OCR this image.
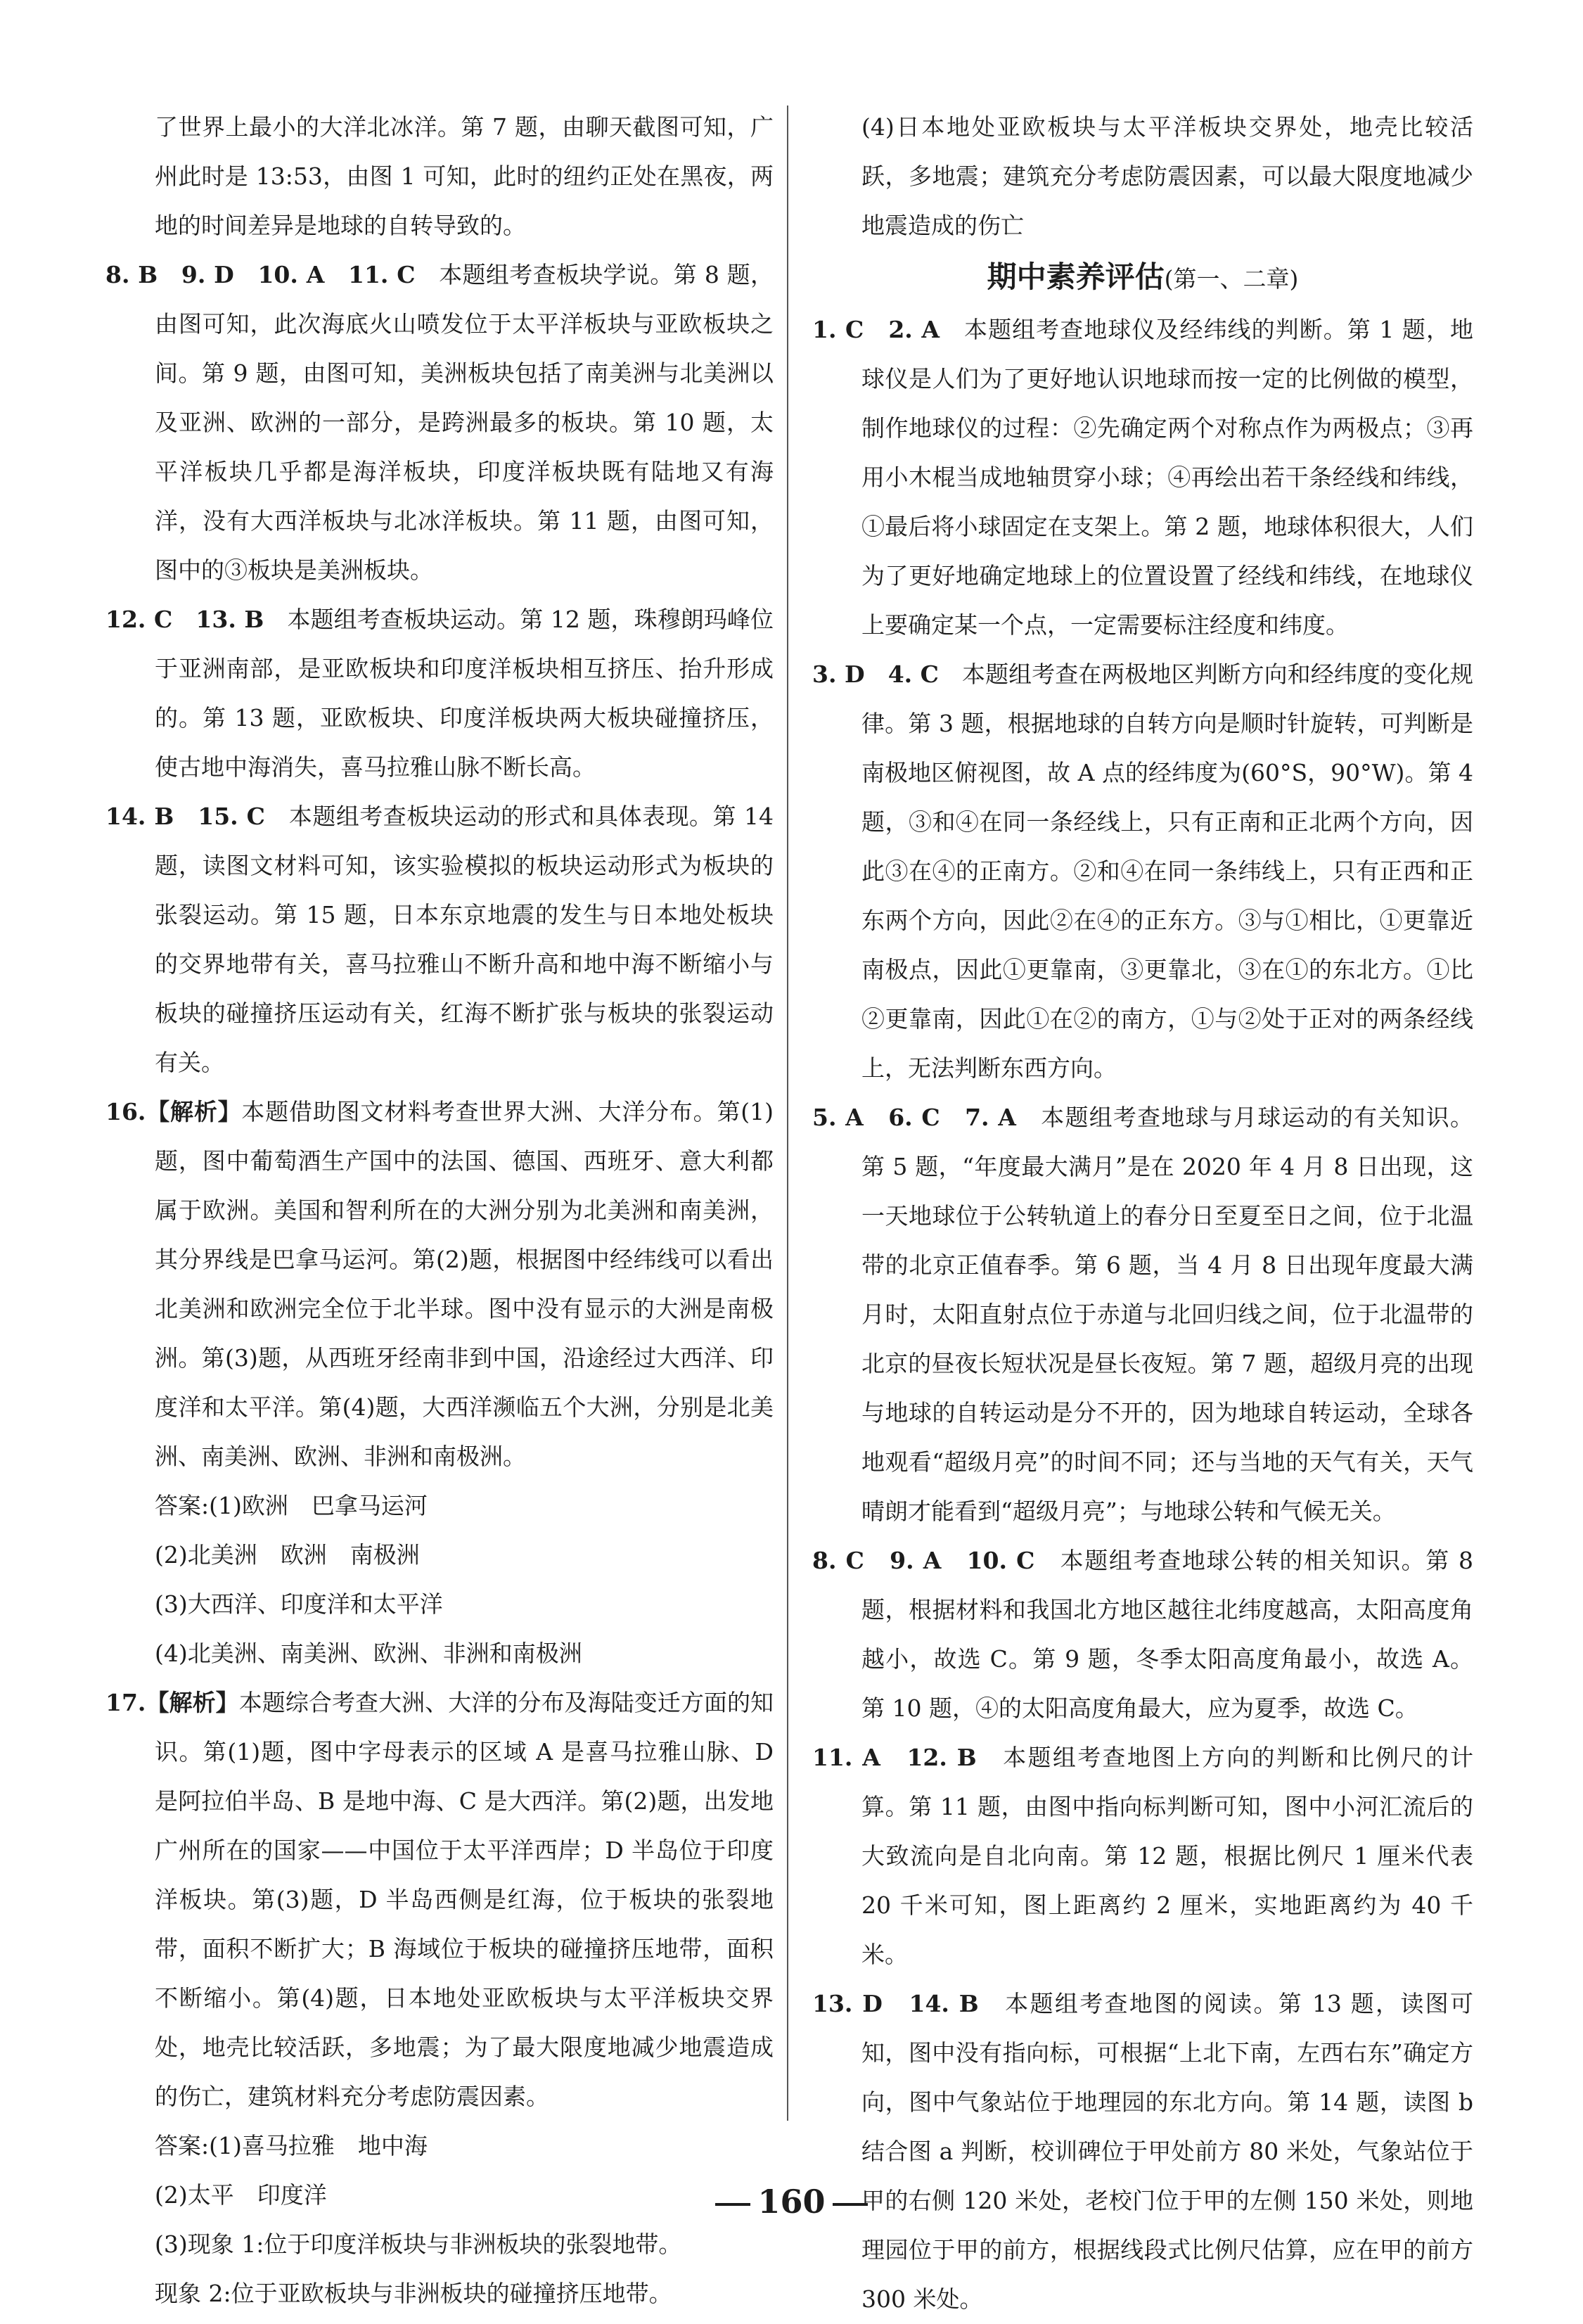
了世界上最小的大洋北冰洋。第 7 题，由聊天截图可知，广州此时是 13:53，由图 1 可知，此时的纽约正处在黑夜，两地的时间差异是地球的自转导致的。

8. B　9. D　10. A　11. C　本题组考查板块学说。第 8 题，由图可知，此次海底火山喷发位于太平洋板块与亚欧板块之间。第 9 题，由图可知，美洲板块包括了南美洲与北美洲以及亚洲、欧洲的一部分，是跨洲最多的板块。第 10 题，太平洋板块几乎都是海洋板块，印度洋板块既有陆地又有海洋，没有大西洋板块与北冰洋板块。第 11 题，由图可知，图中的③板块是美洲板块。

12. C　13. B　本题组考查板块运动。第 12 题，珠穆朗玛峰位于亚洲南部，是亚欧板块和印度洋板块相互挤压、抬升形成的。第 13 题，亚欧板块、印度洋板块两大板块碰撞挤压，使古地中海消失，喜马拉雅山脉不断长高。

14. B　15. C　本题组考查板块运动的形式和具体表现。第 14 题，读图文材料可知，该实验模拟的板块运动形式为板块的张裂运动。第 15 题，日本东京地震的发生与日本地处板块的交界地带有关，喜马拉雅山不断升高和地中海不断缩小与板块的碰撞挤压运动有关，红海不断扩张与板块的张裂运动有关。

16.【解析】本题借助图文材料考查世界大洲、大洋分布。第(1)题，图中葡萄酒生产国中的法国、德国、西班牙、意大利都属于欧洲。美国和智利所在的大洲分别为北美洲和南美洲，其分界线是巴拿马运河。第(2)题，根据图中经纬线可以看出北美洲和欧洲完全位于北半球。图中没有显示的大洲是南极洲。第(3)题，从西班牙经南非到中国，沿途经过大西洋、印度洋和太平洋。第(4)题，大西洋濒临五个大洲，分别是北美洲、南美洲、欧洲、非洲和南极洲。

答案:(1)欧洲　巴拿马运河

(2)北美洲　欧洲　南极洲

(3)大西洋、印度洋和太平洋

(4)北美洲、南美洲、欧洲、非洲和南极洲

17.【解析】本题综合考查大洲、大洋的分布及海陆变迁方面的知识。第(1)题，图中字母表示的区域 A 是喜马拉雅山脉、D 是阿拉伯半岛、B 是地中海、C 是大西洋。第(2)题，出发地广州所在的国家——中国位于太平洋西岸；D 半岛位于印度洋板块。第(3)题，D 半岛西侧是红海，位于板块的张裂地带，面积不断扩大；B 海域位于板块的碰撞挤压地带，面积不断缩小。第(4)题，日本地处亚欧板块与太平洋板块交界处，地壳比较活跃，多地震；为了最大限度地减少地震造成的伤亡，建筑材料充分考虑防震因素。

答案:(1)喜马拉雅　地中海

(2)太平　印度洋

(3)现象 1:位于印度洋板块与非洲板块的张裂地带。

现象 2:位于亚欧板块与非洲板块的碰撞挤压地带。

(4)日本地处亚欧板块与太平洋板块交界处，地壳比较活跃，多地震；建筑充分考虑防震因素，可以最大限度地减少地震造成的伤亡

期中素养评估(第一、二章)

1. C　2. A　本题组考查地球仪及经纬线的判断。第 1 题，地球仪是人们为了更好地认识地球而按一定的比例做的模型，制作地球仪的过程：②先确定两个对称点作为两极点；③再用小木棍当成地轴贯穿小球；④再绘出若干条经线和纬线，①最后将小球固定在支架上。第 2 题，地球体积很大，人们为了更好地确定地球上的位置设置了经线和纬线，在地球仪上要确定某一个点，一定需要标注经度和纬度。

3. D　4. C　本题组考查在两极地区判断方向和经纬度的变化规律。第 3 题，根据地球的自转方向是顺时针旋转，可判断是南极地区俯视图，故 A 点的经纬度为(60°S，90°W)。第 4 题，③和④在同一条经线上，只有正南和正北两个方向，因此③在④的正南方。②和④在同一条纬线上，只有正西和正东两个方向，因此②在④的正东方。③与①相比，①更靠近南极点，因此①更靠南，③更靠北，③在①的东北方。①比②更靠南，因此①在②的南方，①与②处于正对的两条经线上，无法判断东西方向。

5. A　6. C　7. A　本题组考查地球与月球运动的有关知识。第 5 题，“年度最大满月”是在 2020 年 4 月 8 日出现，这一天地球位于公转轨道上的春分日至夏至日之间，位于北温带的北京正值春季。第 6 题，当 4 月 8 日出现年度最大满月时，太阳直射点位于赤道与北回归线之间，位于北温带的北京的昼夜长短状况是昼长夜短。第 7 题，超级月亮的出现与地球的自转运动是分不开的，因为地球自转运动，全球各地观看“超级月亮”的时间不同；还与当地的天气有关，天气晴朗才能看到“超级月亮”；与地球公转和气候无关。

8. C　9. A　10. C　本题组考查地球公转的相关知识。第 8 题，根据材料和我国北方地区越往北纬度越高，太阳高度角越小，故选 C。第 9 题，冬季太阳高度角最小，故选 A。第 10 题，④的太阳高度角最大，应为夏季，故选 C。

11. A　12. B　本题组考查地图上方向的判断和比例尺的计算。第 11 题，由图中指向标判断可知，图中小河汇流后的大致流向是自北向南。第 12 题，根据比例尺 1 厘米代表 20 千米可知，图上距离约 2 厘米，实地距离约为 40 千米。

13. D　14. B　本题组考查地图的阅读。第 13 题，读图可知，图中没有指向标，可根据“上北下南，左西右东”确定方向，图中气象站位于地理园的东北方向。第 14 题，读图 b 结合图 a 判断，校训碑位于甲处前方 80 米处，气象站位于甲的右侧 120 米处，老校门位于甲的左侧 150 米处，则地理园位于甲的前方，根据线段式比例尺估算，应在甲的前方 300 米处。

160
